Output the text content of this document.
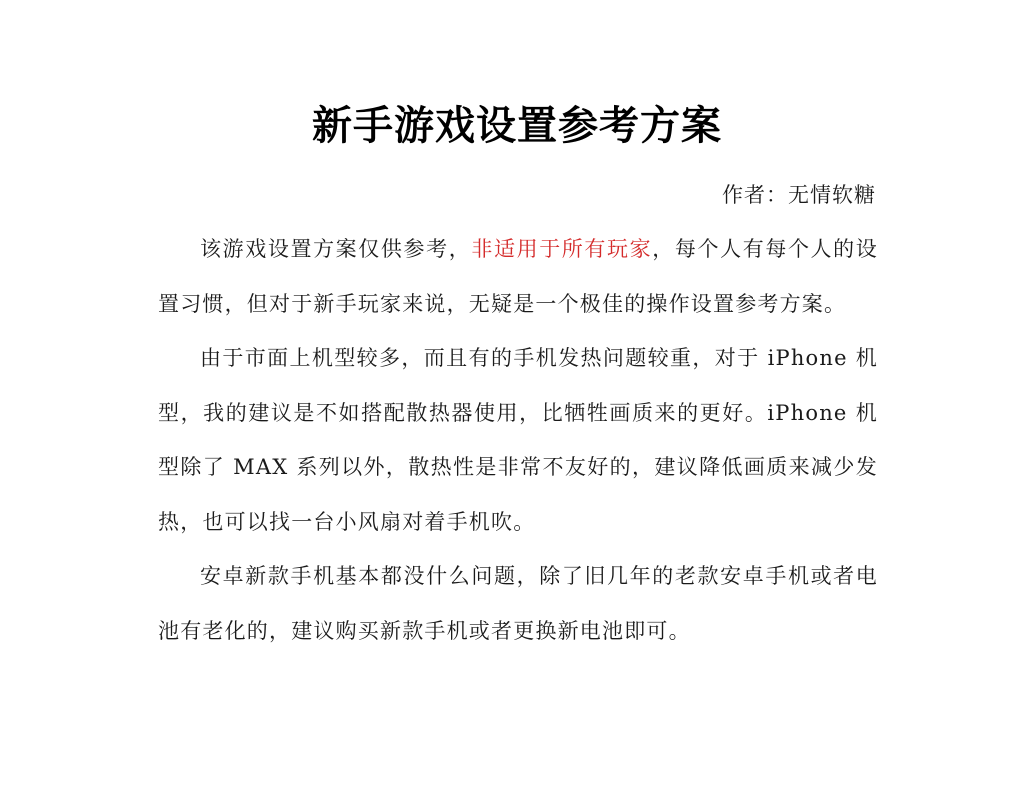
新手游戏设置参考方案
作者：无情软糖

该游戏设置方案仅供参考，非适用于所有玩家，每个人有每个人的设置习惯，但对于新手玩家来说，无疑是一个极佳的操作设置参考方案。

由于市面上机型较多，而且有的手机发热问题较重，对于 iPhone 机型，我的建议是不如搭配散热器使用，比牺牲画质来的更好。iPhone 机型除了 MAX 系列以外，散热性是非常不友好的，建议降低画质来减少发热，也可以找一台小风扇对着手机吹。

安卓新款手机基本都没什么问题，除了旧几年的老款安卓手机或者电池有老化的，建议购买新款手机或者更换新电池即可。
